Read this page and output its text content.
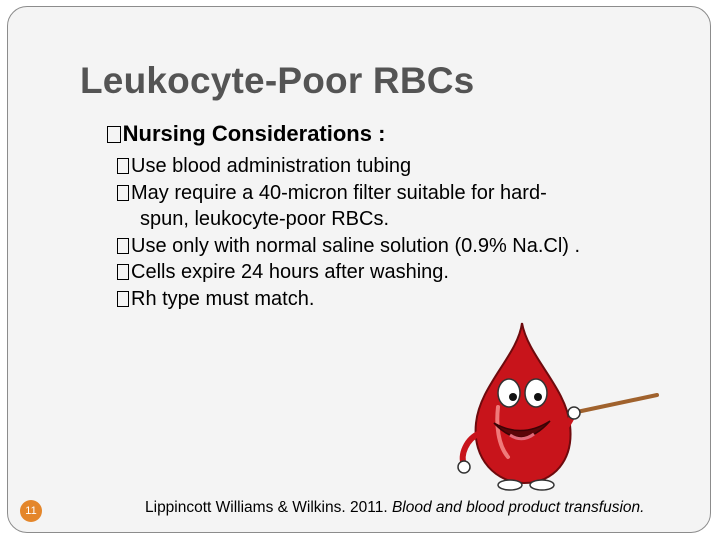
Leukocyte-Poor RBCs
Nursing Considerations :
Use blood administration tubing
May require a 40-micron filter suitable for hard-
spun, leukocyte-poor RBCs.
Use only with normal saline solution (0.9% Na.Cl) .
Cells expire 24 hours after washing.
Rh type must match.
11	Lippincott Williams & Wilkins. 2011. Blood and blood product transfusion.
